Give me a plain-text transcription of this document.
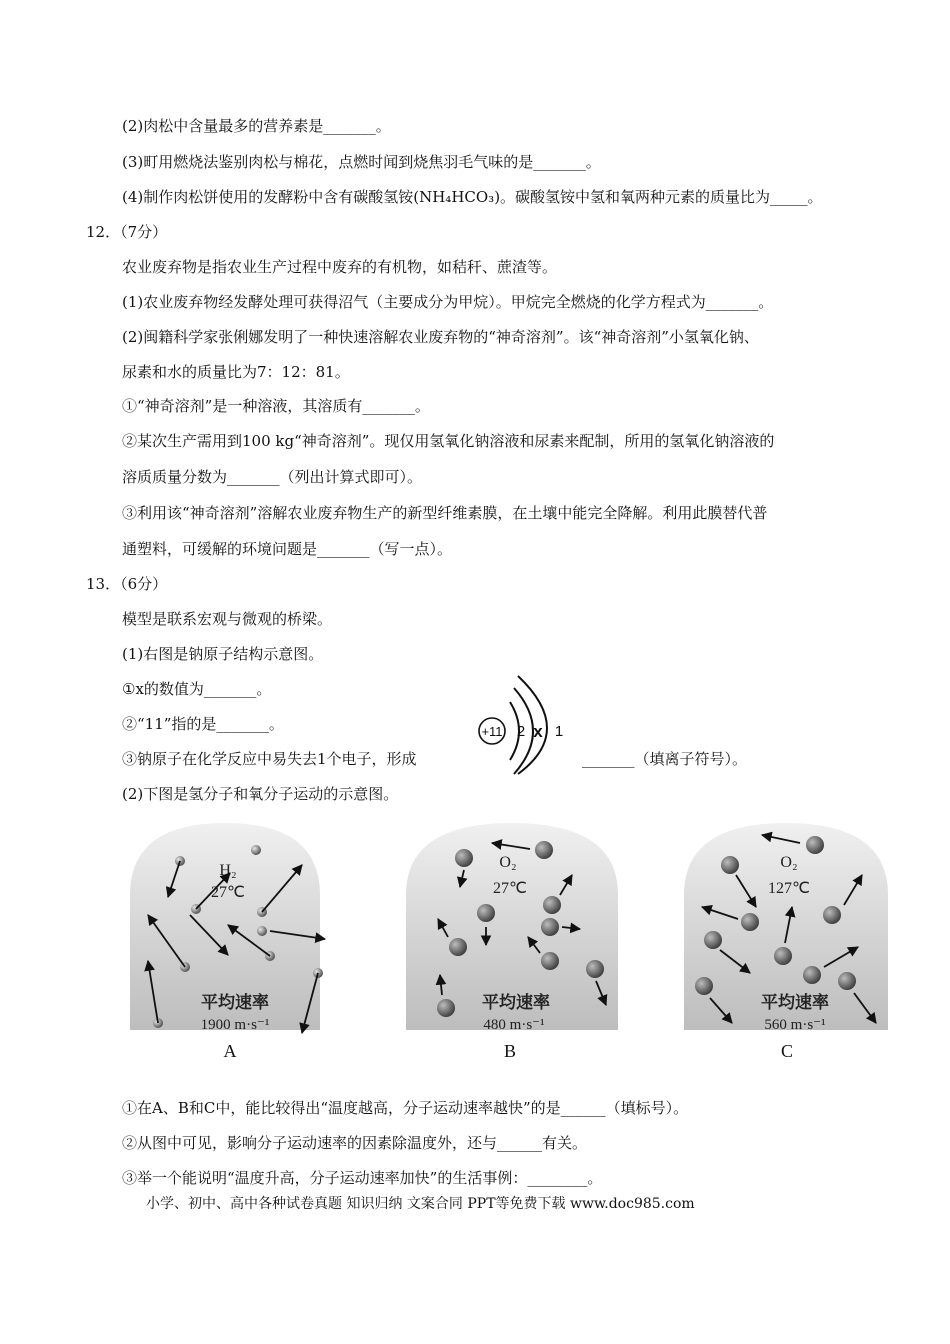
(2)肉松中含量最多的营养素是_______。
(3)町用燃烧法鉴别肉松与棉花，点燃时闻到烧焦羽毛气味的是_______。
(4)制作肉松饼使用的发酵粉中含有碳酸氢铵(NH₄HCO₃)。碳酸氢铵中氢和氧两种元素的质量比为_____。
12．（7分）
农业废弃物是指农业生产过程中废弃的有机物，如秸秆、蔗渣等。
(1)农业废弃物经发酵处理可获得沼气（主要成分为甲烷）。甲烷完全燃烧的化学方程式为_______。
(2)闽籍科学家张俐娜发明了一种快速溶解农业废弃物的“神奇溶剂”。该“神奇溶剂”小氢氧化钠、
尿素和水的质量比为7：12：81。
①“神奇溶剂”是一种溶液，其溶质有_______。
②某次生产需用到100 kg“神奇溶剂”。现仅用氢氧化钠溶液和尿素来配制，所用的氢氧化钠溶液的
溶质质量分数为_______（列出计算式即可）。
③利用该“神奇溶剂”溶解农业废弃物生产的新型纤维素膜，在土壤中能完全降解。利用此膜替代普
通塑料，可缓解的环境问题是_______（写一点）。
13．（6分）
模型是联系宏观与微观的桥梁。
(1)右图是钠原子结构示意图。
①x的数值为_______。
②“11”指的是_______。
③钠原子在化学反应中易失去1个电子，形成	_______（填离子符号）。
(2)下图是氢分子和氧分子运动的示意图。
+11 2 x 1
H₂
27℃
平均速率
1900 m·s⁻¹
A
O₂
27℃
平均速率
480 m·s⁻¹
B
O₂
127℃
平均速率
560 m·s⁻¹
C
①在A、B和C中，能比较得出“温度越高，分子运动速率越快”的是______（填标号）。
②从图中可见，影响分子运动速率的因素除温度外，还与______有关。
③举一个能说明“温度升高，分子运动速率加快”的生活事例：________。
小学、初中、高中各种试卷真题 知识归纳 文案合同 PPT等免费下载 www.doc985.com
